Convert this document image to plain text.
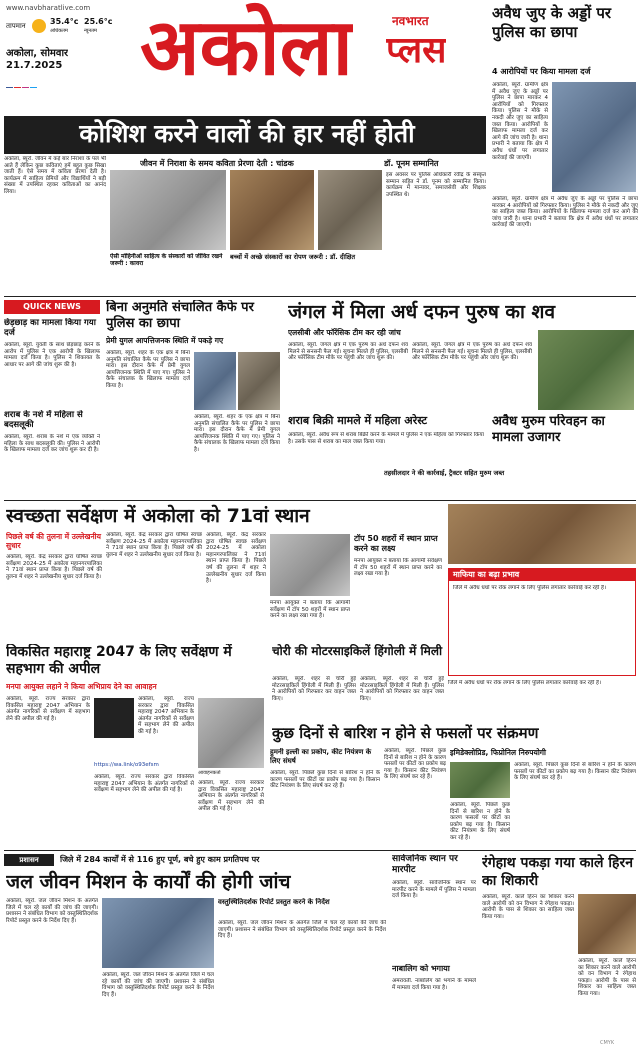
www.navbharatlive.com
तापमान	35.4°c
अधिकतम
25.6°c
न्यूनतम
अकोला, सोमवार
21.7.2025 अकोला	नवभारत
प्लस
अवैध जुए के अड्डों पर पुलिस का छापा
4 आरोपियों पर किया मामला दर्ज
अकोला, ब्यूरो. ग्रामीण क्षेत्र में अवैध जुए के अड्डों पर पुलिस ने छापा मारकर 4 आरोपियों को गिरफ्तार किया। पुलिस ने मौके से नकदी और जुए का साहित्य जब्त किया। आरोपियों के खिलाफ मामला दर्ज कर आगे की जांच जारी है। थाना प्रभारी ने बताया कि क्षेत्र में अवैध धंधों पर लगातार कार्रवाई की जाएगी।
अकोला, ब्यूरो. ग्रामीण क्षेत्र में अवैध जुए के अड्डों पर पुलिस ने छापा मारकर 4 आरोपियों को गिरफ्तार किया। पुलिस ने मौके से नकदी और जुए का साहित्य जब्त किया। आरोपियों के खिलाफ मामला दर्ज कर आगे की जांच जारी है। थाना प्रभारी ने बताया कि क्षेत्र में अवैध धंधों पर लगातार कार्रवाई की जाएगी।
कोशिश करने वालों की हार नहीं होती
जीवन में निराशा के समय कविता प्रेरणा देती : चांडक	डॉ. पूनम सम्मानित
अकोला, ब्यूरो. जीवन में कई बार निराशा के पल भी आते हैं लेकिन कुछ कविताएं हमें बहुत कुछ सिखा जाती हैं। ऐसे समय में कविता प्रेरणा देती है। कार्यक्रम में साहित्य प्रेमियों और विद्यार्थियों ने बड़ी संख्या में उपस्थित रहकर कविताओं का आनंद लिया।
ऐसी मोहिनीओं साहित्य के संस्कारों को जीवित रखने जरूरी : कावरा
बच्चों में अच्छे संस्कारों का रोपण जरूरी : डॉ. दीक्षित
इस अवसर पर पुलिस अधिकारी रवींद्र के संस्कृत सम्मान सहित ने डॉ. पूनम को सम्मानित किया। कार्यक्रम में मान्यवर, समाजसेवी और शिक्षक उपस्थित थे।
QUICK NEWS
छेड़छाड़ का मामला किया गया दर्ज
अकोला, ब्यूरो. युवती के साथ छेड़छाड़ करने के आरोप में पुलिस ने एक आरोपी के खिलाफ मामला दर्ज किया है। पुलिस ने शिकायत के आधार पर आगे की जांच शुरू की है।
शराब के नशे में महिला से बदसलूकी
अकोला, ब्यूरो. शराब के नशे में एक व्यक्ति ने महिला के साथ बदसलूकी की। पुलिस ने आरोपी के खिलाफ मामला दर्ज कर जांच शुरू कर दी है।
बिना अनुमति संचालित कैफे पर पुलिस का छापा
प्रेमी युगल आपत्तिजनक स्थिति में पकड़े गए
अकोला, ब्यूरो. शहर के एक क्षेत्र में बिना अनुमति संचालित कैफे पर पुलिस ने छापा मारा। इस दौरान कैफे में प्रेमी युगल आपत्तिजनक स्थिति में पाए गए। पुलिस ने कैफे संचालक के खिलाफ मामला दर्ज किया है।
अकोला, ब्यूरो. शहर के एक क्षेत्र में बिना अनुमति संचालित कैफे पर पुलिस ने छापा मारा। इस दौरान कैफे में प्रेमी युगल आपत्तिजनक स्थिति में पाए गए। पुलिस ने कैफे संचालक के खिलाफ मामला दर्ज किया है।
जंगल में मिला अर्ध दफन पुरुष का शव
एलसीबी और फॉरेंसिक टीम कर रही जांच
अकोला, ब्यूरो. जंगल क्षेत्र में एक पुरुष का अर्ध दफन शव मिलने से सनसनी फैल गई। सूचना मिलते ही पुलिस, एलसीबी और फॉरेंसिक टीम मौके पर पहुंची और जांच शुरू की।
अकोला, ब्यूरो. जंगल क्षेत्र में एक पुरुष का अर्ध दफन शव मिलने से सनसनी फैल गई। सूचना मिलते ही पुलिस, एलसीबी और फॉरेंसिक टीम मौके पर पहुंची और जांच शुरू की।
शराब बिक्री मामले में महिला अरेस्ट
अकोला, ब्यूरो. अवैध रूप से शराब बिक्री करने के मामले में पुलिस ने एक महिला को गिरफ्तार किया है। उसके पास से शराब का माल जब्त किया गया।
अवैध मुरुम परिवहन का मामला उजागर
तहसीलदार ने की कार्रवाई, ट्रैक्टर सहित मुरुम जब्त
स्वच्छता सर्वेक्षण में अकोला को 71वां स्थान
पिछले वर्ष की तुलना में उल्लेखनीय सुधार
अकोला, ब्यूरो. केंद्र सरकार द्वारा घोषित स्वच्छ सर्वेक्षण 2024-25 में अकोला महानगरपालिका ने 71वां स्थान प्राप्त किया है। पिछले वर्ष की तुलना में शहर ने उल्लेखनीय सुधार दर्ज किया है।
अकोला, ब्यूरो. केंद्र सरकार द्वारा घोषित स्वच्छ सर्वेक्षण 2024-25 में अकोला महानगरपालिका ने 71वां स्थान प्राप्त किया है। पिछले वर्ष की तुलना में शहर ने उल्लेखनीय सुधार दर्ज किया है।
अकोला, ब्यूरो. केंद्र सरकार द्वारा घोषित स्वच्छ सर्वेक्षण 2024-25 में अकोला महानगरपालिका ने 71वां स्थान प्राप्त किया है। पिछले वर्ष की तुलना में शहर ने उल्लेखनीय सुधार दर्ज किया है।
टॉप 50 शहरों में स्थान प्राप्त करने का लक्ष्य
मनपा आयुक्त ने बताया कि आगामी सर्वेक्षण में टॉप 50 शहरों में स्थान प्राप्त करने का लक्ष्य रखा गया है।
मनपा आयुक्त ने बताया कि आगामी सर्वेक्षण में टॉप 50 शहरों में स्थान प्राप्त करने का लक्ष्य रखा गया है।
माफिया का बढ़ा प्रभाव
जिले में अवैध धंधों पर रोक लगाने के लिए पुलिस लगातार कार्रवाई कर रही है।
विकसित महाराष्ट्र 2047 के लिए सर्वेक्षण में सहभाग की अपील
मनपा आयुक्त लहाने ने किया अभिप्राय देने का आवाहन
अकोला, ब्यूरो. राज्य सरकार द्वारा विकसित महाराष्ट्र 2047 अभियान के अंतर्गत नागरिकों से सर्वेक्षण में सहभाग लेने की अपील की गई है।
अकोला, ब्यूरो. राज्य सरकार द्वारा विकसित महाराष्ट्र 2047 अभियान के अंतर्गत नागरिकों से सर्वेक्षण में सहभाग लेने की अपील की गई है।
https://wa.link/o93efsm
अकोला, ब्यूरो. राज्य सरकार द्वारा विकसित महाराष्ट्र 2047 अभियान के अंतर्गत नागरिकों से सर्वेक्षण में सहभाग लेने की अपील की गई है।
आवाहनकर्ता
अकोला, ब्यूरो. राज्य सरकार द्वारा विकसित महाराष्ट्र 2047 अभियान के अंतर्गत नागरिकों से सर्वेक्षण में सहभाग लेने की अपील की गई है।
चोरी की मोटरसाइकिलें हिंगोली में मिली
अकोला, ब्यूरो. शहर से चोरी हुई मोटरसाइकिलें हिंगोली में मिली हैं। पुलिस ने आरोपियों को गिरफ्तार कर वाहन जब्त किए।
अकोला, ब्यूरो. शहर से चोरी हुई मोटरसाइकिलें हिंगोली में मिली हैं। पुलिस ने आरोपियों को गिरफ्तार कर वाहन जब्त किए।
जिले में अवैध धंधों पर रोक लगाने के लिए पुलिस लगातार कार्रवाई कर रही है।
कुछ दिनों से बारिश न होने से फसलों पर संक्रमण
हुमनी इल्ली का प्रकोप, कीट नियंत्रण के लिए संघर्ष
अकोला, ब्यूरो. पिछले कुछ दिनों से बारिश न होने के कारण फसलों पर कीटों का प्रकोप बढ़ गया है। किसान कीट नियंत्रण के लिए संघर्ष कर रहे हैं।
अकोला, ब्यूरो. पिछले कुछ दिनों से बारिश न होने के कारण फसलों पर कीटों का प्रकोप बढ़ गया है। किसान कीट नियंत्रण के लिए संघर्ष कर रहे हैं।
इमिडेक्लोप्रिड, फिप्रोनिल निरुपयोगी
अकोला, ब्यूरो. पिछले कुछ दिनों से बारिश न होने के कारण फसलों पर कीटों का प्रकोप बढ़ गया है। किसान कीट नियंत्रण के लिए संघर्ष कर रहे हैं।
अकोला, ब्यूरो. पिछले कुछ दिनों से बारिश न होने के कारण फसलों पर कीटों का प्रकोप बढ़ गया है। किसान कीट नियंत्रण के लिए संघर्ष कर रहे हैं।
प्रशासन	जिले में 284 कार्यों में से 116 हुए पूर्ण, बचे हुए काम प्रगतिपथ पर
जल जीवन मिशन के कार्यों की होगी जांच
अकोला, ब्यूरो. जल जीवन मिशन के अंतर्गत जिले में चल रहे कार्यों की जांच की जाएगी। प्रशासन ने संबंधित विभाग को वस्तुस्थितिदर्शक रिपोर्ट प्रस्तुत करने के निर्देश दिए हैं।
अकोला, ब्यूरो. जल जीवन मिशन के अंतर्गत जिले में चल रहे कार्यों की जांच की जाएगी। प्रशासन ने संबंधित विभाग को वस्तुस्थितिदर्शक रिपोर्ट प्रस्तुत करने के निर्देश दिए हैं।
वस्तुस्थितिदर्शक रिपोर्ट प्रस्तुत करने के निर्देश
अकोला, ब्यूरो. जल जीवन मिशन के अंतर्गत जिले में चल रहे कार्यों की जांच की जाएगी। प्रशासन ने संबंधित विभाग को वस्तुस्थितिदर्शक रिपोर्ट प्रस्तुत करने के निर्देश दिए हैं।
सार्वजनिक स्थान पर मारपीट
अकोला, ब्यूरो. सार्वजनिक स्थान पर मारपीट करने के मामले में पुलिस ने मामला दर्ज किया है।
नाबालिग को भगाया
अमरावती. नाबालिग को भगाने के मामले में मामला दर्ज किया गया है।
रंगेहाथ पकड़ा गया काले हिरन का शिकारी
अकोला, ब्यूरो. काले हिरन का शिकार करने वाले आरोपी को वन विभाग ने रंगेहाथ पकड़ा। आरोपी के पास से शिकार का साहित्य जब्त किया गया।
अकोला, ब्यूरो. काले हिरन का शिकार करने वाले आरोपी को वन विभाग ने रंगेहाथ पकड़ा। आरोपी के पास से शिकार का साहित्य जब्त किया गया।
CMYK
